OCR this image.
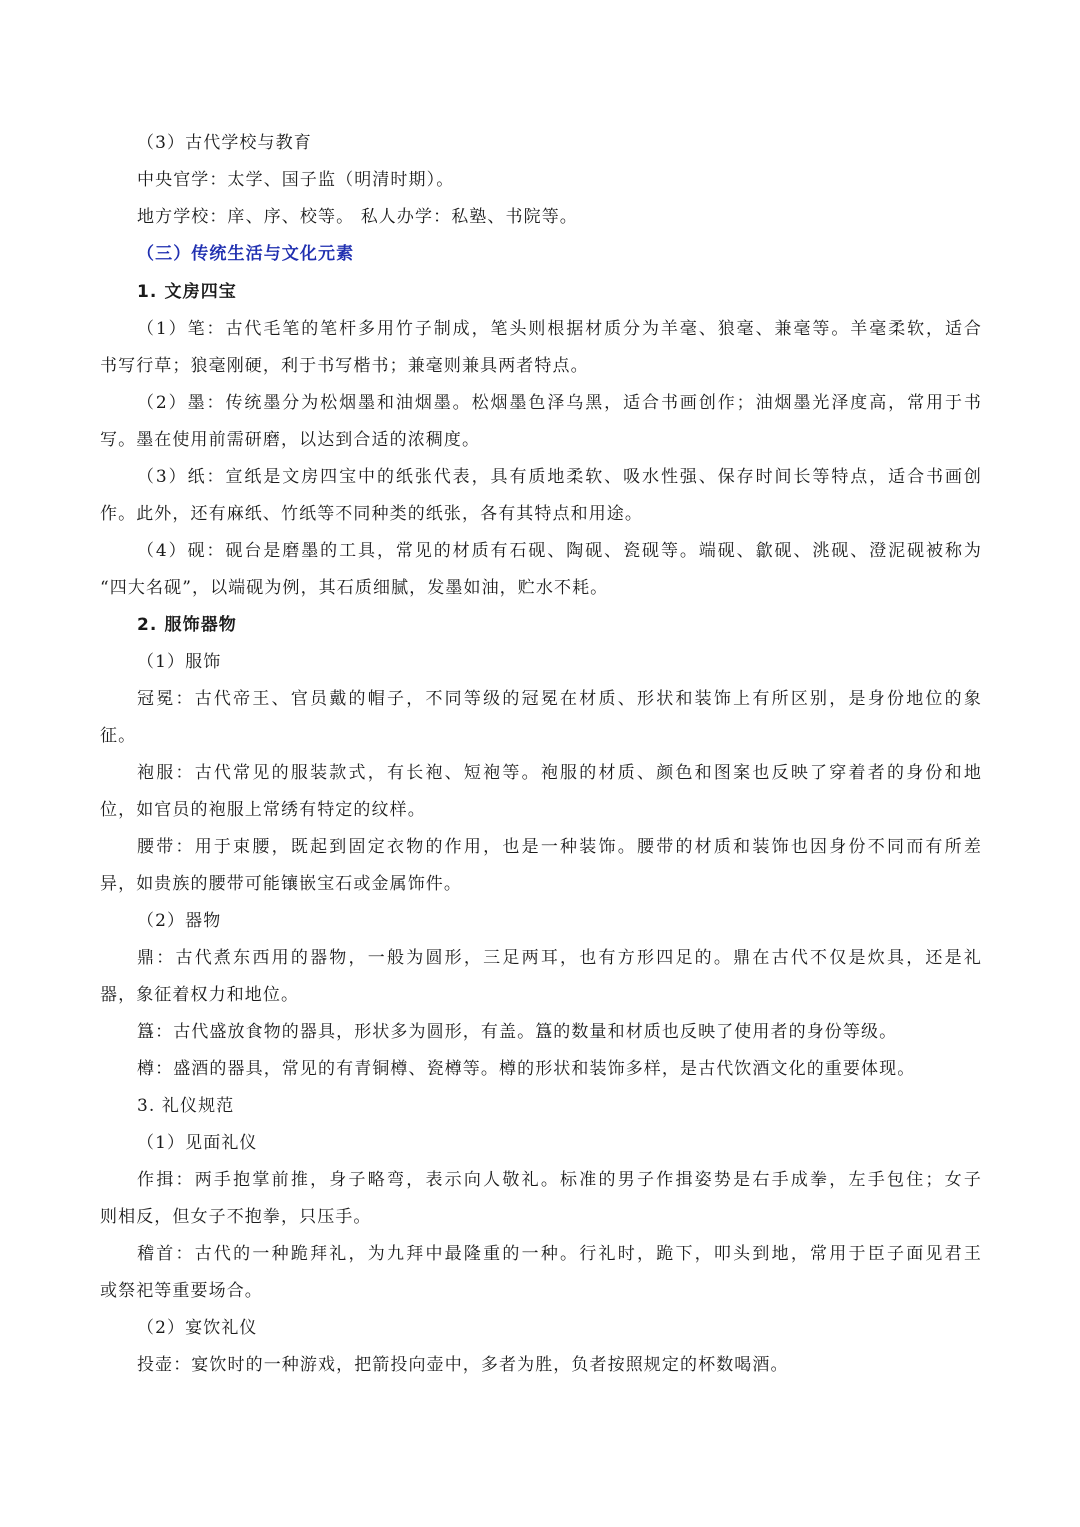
（3）古代学校与教育
中央官学：太学、国子监（明清时期）。
地方学校：庠、序、校等。 私人办学：私塾、书院等。
（三）传统生活与文化元素
1. 文房四宝
（1）笔：古代毛笔的笔杆多用竹子制成，笔头则根据材质分为羊毫、狼毫、兼毫等。羊毫柔软，适合
书写行草；狼毫刚硬，利于书写楷书；兼毫则兼具两者特点。
（2）墨：传统墨分为松烟墨和油烟墨。松烟墨色泽乌黑，适合书画创作；油烟墨光泽度高，常用于书
写。墨在使用前需研磨，以达到合适的浓稠度。
（3）纸：宣纸是文房四宝中的纸张代表，具有质地柔软、吸水性强、保存时间长等特点，适合书画创
作。此外，还有麻纸、竹纸等不同种类的纸张，各有其特点和用途。
（4）砚：砚台是磨墨的工具，常见的材质有石砚、陶砚、瓷砚等。端砚、歙砚、洮砚、澄泥砚被称为
“四大名砚”，以端砚为例，其石质细腻，发墨如油，贮水不耗。
2. 服饰器物
（1）服饰
冠冕：古代帝王、官员戴的帽子，不同等级的冠冕在材质、形状和装饰上有所区别，是身份地位的象
征。
袍服：古代常见的服装款式，有长袍、短袍等。袍服的材质、颜色和图案也反映了穿着者的身份和地
位，如官员的袍服上常绣有特定的纹样。
腰带：用于束腰，既起到固定衣物的作用，也是一种装饰。腰带的材质和装饰也因身份不同而有所差
异，如贵族的腰带可能镶嵌宝石或金属饰件。
（2）器物
鼎：古代煮东西用的器物，一般为圆形，三足两耳，也有方形四足的。鼎在古代不仅是炊具，还是礼
器，象征着权力和地位。
簋：古代盛放食物的器具，形状多为圆形，有盖。簋的数量和材质也反映了使用者的身份等级。
樽：盛酒的器具，常见的有青铜樽、瓷樽等。樽的形状和装饰多样，是古代饮酒文化的重要体现。
3. 礼仪规范
（1）见面礼仪
作揖：两手抱掌前推，身子略弯，表示向人敬礼。标准的男子作揖姿势是右手成拳，左手包住；女子
则相反，但女子不抱拳，只压手。
稽首：古代的一种跪拜礼，为九拜中最隆重的一种。行礼时，跪下，叩头到地，常用于臣子面见君王
或祭祀等重要场合。
（2）宴饮礼仪
投壶：宴饮时的一种游戏，把箭投向壶中，多者为胜，负者按照规定的杯数喝酒。
